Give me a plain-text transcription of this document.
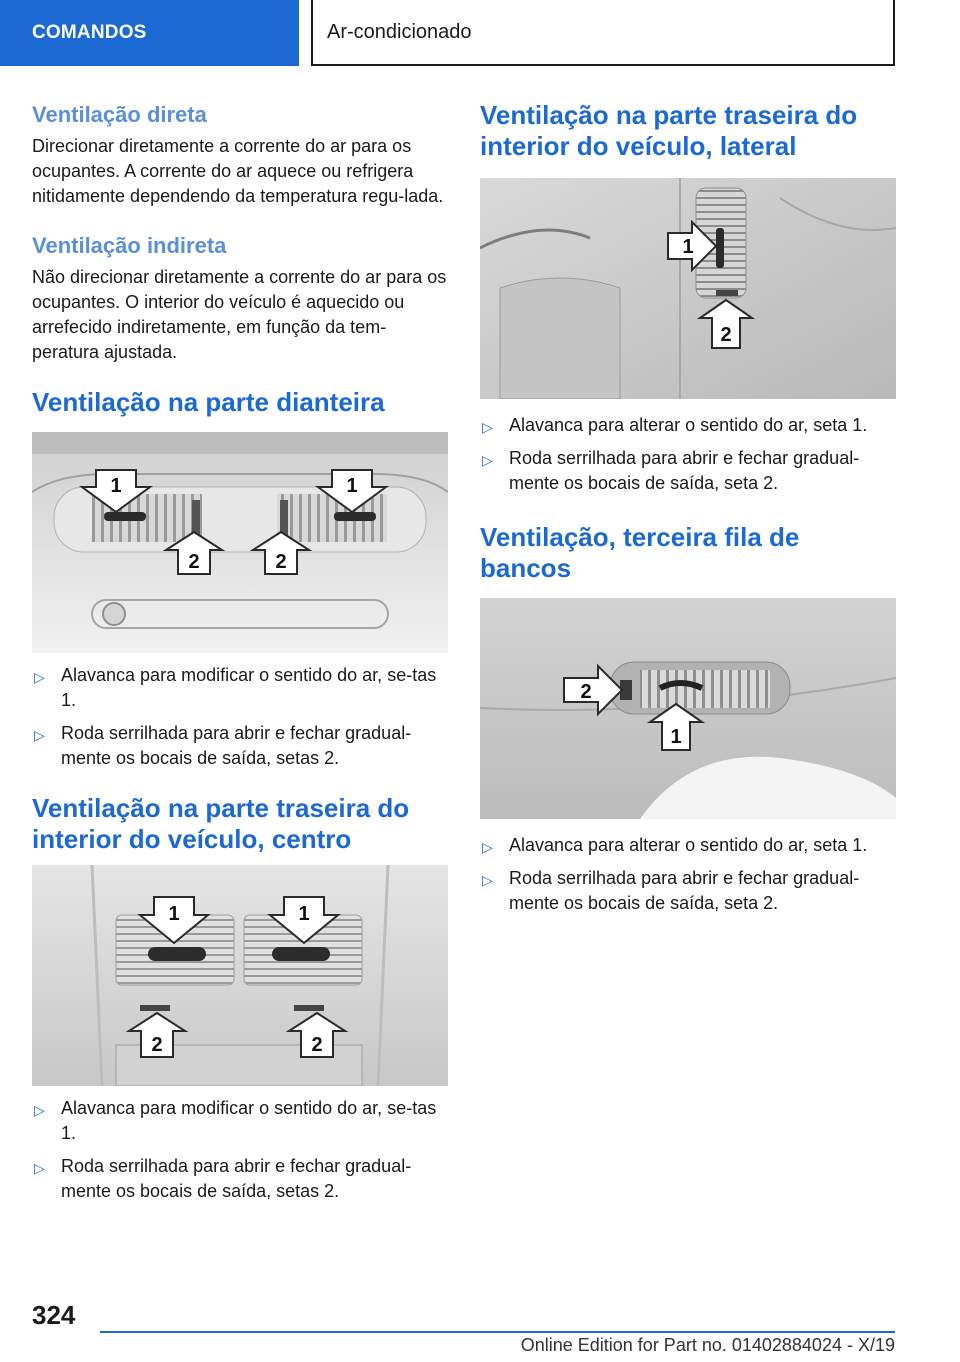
COMANDOS	Ar-condicionado
Ventilação direta

Direcionar diretamente a corrente do ar para os ocupantes. A corrente do ar aquece ou refrigera nitidamente dependendo da temperatura regu-lada.

Ventilação indireta

Não direcionar diretamente a corrente do ar para os ocupantes. O interior do veículo é aquecido ou arrefecido indiretamente, em função da tem-peratura ajustada.

Ventilação na parte dianteira
1	1
2	2
▷ Alavanca para modificar o sentido do ar, se-tas 1.
▷ Roda serrilhada para abrir e fechar gradual-mente os bocais de saída, setas 2.
Ventilação na parte traseira do interior do veículo, centro
1	1
2	2
▷ Alavanca para modificar o sentido do ar, se-tas 1.
▷ Roda serrilhada para abrir e fechar gradual-mente os bocais de saída, setas 2.
Ventilação na parte traseira do interior do veículo, lateral
1
2
▷ Alavanca para alterar o sentido do ar, seta 1.
▷ Roda serrilhada para abrir e fechar gradual-mente os bocais de saída, seta 2.
Ventilação, terceira fila de bancos
2
1
▷ Alavanca para alterar o sentido do ar, seta 1.
▷ Roda serrilhada para abrir e fechar gradual-mente os bocais de saída, seta 2.
324
Online Edition for Part no. 01402884024 - X/19
